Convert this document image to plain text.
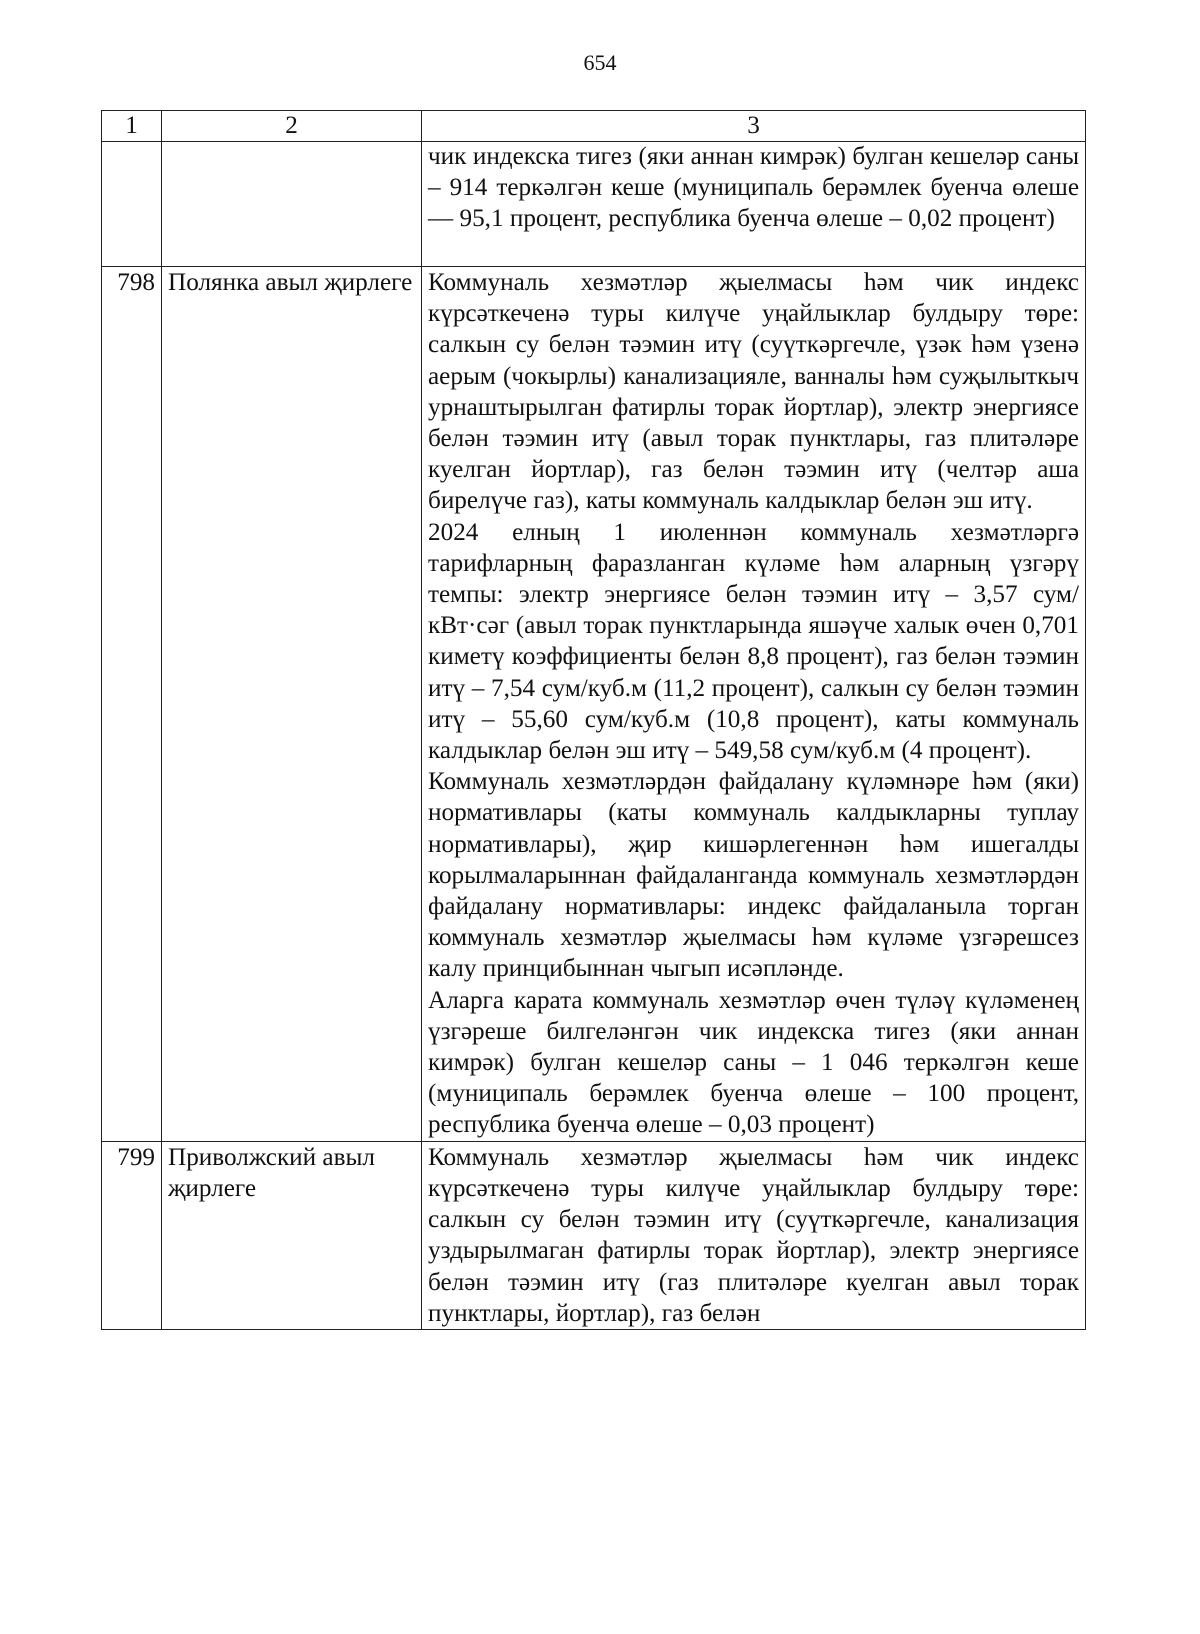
654
1	2	3

		чик индекска тигез (яки аннан кимрәк) булган кешеләр саны – 914 теркәлгән кеше (муниципаль берәмлек буенча өлеше — 95,1 процент, республика буенча өлеше – 0,02 процент)

798	Полянка авыл җирлеге	Коммуналь хезмәтләр җыелмасы һәм чик индекс күрсәткеченә туры килүче уңайлыклар булдыру төре: салкын су белән тәэмин итү (суүткәргечле, үзәк һәм үзенә аерым (чокырлы) канализацияле, ванналы һәм суҗылыткыч урнаштырылган фатирлы торак йортлар), электр энергиясе белән тәэмин итү (авыл торак пунктлары, газ плитәләре куелган йортлар), газ белән тәэмин итү (челтәр аша бирелүче газ), каты коммуналь калдыклар белән эш итү.

2024 елның 1 июленнән коммуналь хезмәтләргә тарифларның фаразланган күләме һәм аларның үзгәрү темпы: электр энергиясе белән тәэмин итү – 3,57 сум/кВт·сәг (авыл торак пунктларында яшәүче халык өчен 0,701 киметү коэффициенты белән 8,8 процент), газ белән тәэмин итү – 7,54 сум/куб.м (11,2 процент), салкын су белән тәэмин итү – 55,60 сум/куб.м (10,8 процент), каты коммуналь калдыклар белән эш итү – 549,58 сум/куб.м (4 процент).

Коммуналь хезмәтләрдән файдалану күләмнәре һәм (яки) нормативлары (каты коммуналь калдыкларны туплау нормативлары), җир кишәрлегеннән һәм ишегалды корылмаларыннан файдаланганда коммуналь хезмәтләрдән файдалану нормативлары: индекс файдаланыла торган коммуналь хезмәтләр җыелмасы һәм күләме үзгәрешсез калу принцибыннан чыгып исәпләнде.

Аларга карата коммуналь хезмәтләр өчен түләү күләменең үзгәреше билгеләнгән чик индекска тигез (яки аннан кимрәк) булган кешеләр саны – 1 046 теркәлгән кеше (муниципаль берәмлек буенча өлеше – 100 процент, республика буенча өлеше – 0,03 процент)

799	Приволжский авыл җирлеге	Коммуналь хезмәтләр җыелмасы һәм чик индекс күрсәткеченә туры килүче уңайлыклар булдыру төре: салкын су белән тәэмин итү (суүткәргечле, канализация уздырылмаган фатирлы торак йортлар), электр энергиясе белән тәэмин итү (газ плитәләре куелган авыл торак пунктлары, йортлар), газ белән
